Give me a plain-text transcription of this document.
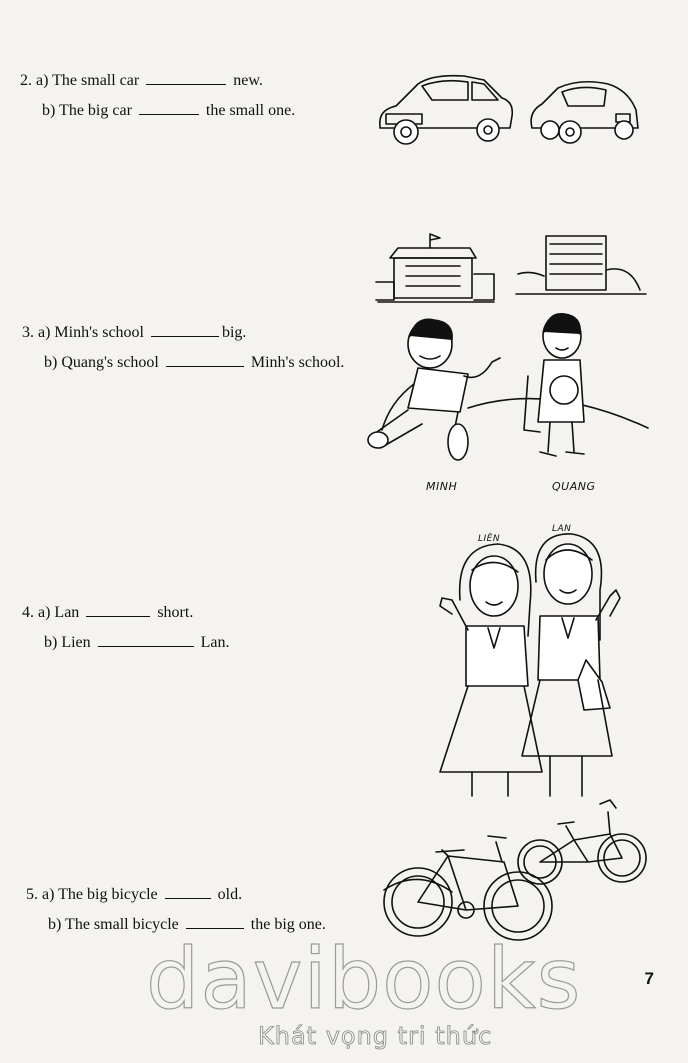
2. a) The small car	new.
b) The big car	the small one.
3. a) Minh's school	big.
b) Quang's school	Minh's school.
MINH	QUANG
LIÊN
LAN
4. a) Lan	short.
b) Lien	Lan.
5. a) The big bicycle	old.
b) The small bicycle	the big one.
7
davibooks
Khát vọng tri thức
